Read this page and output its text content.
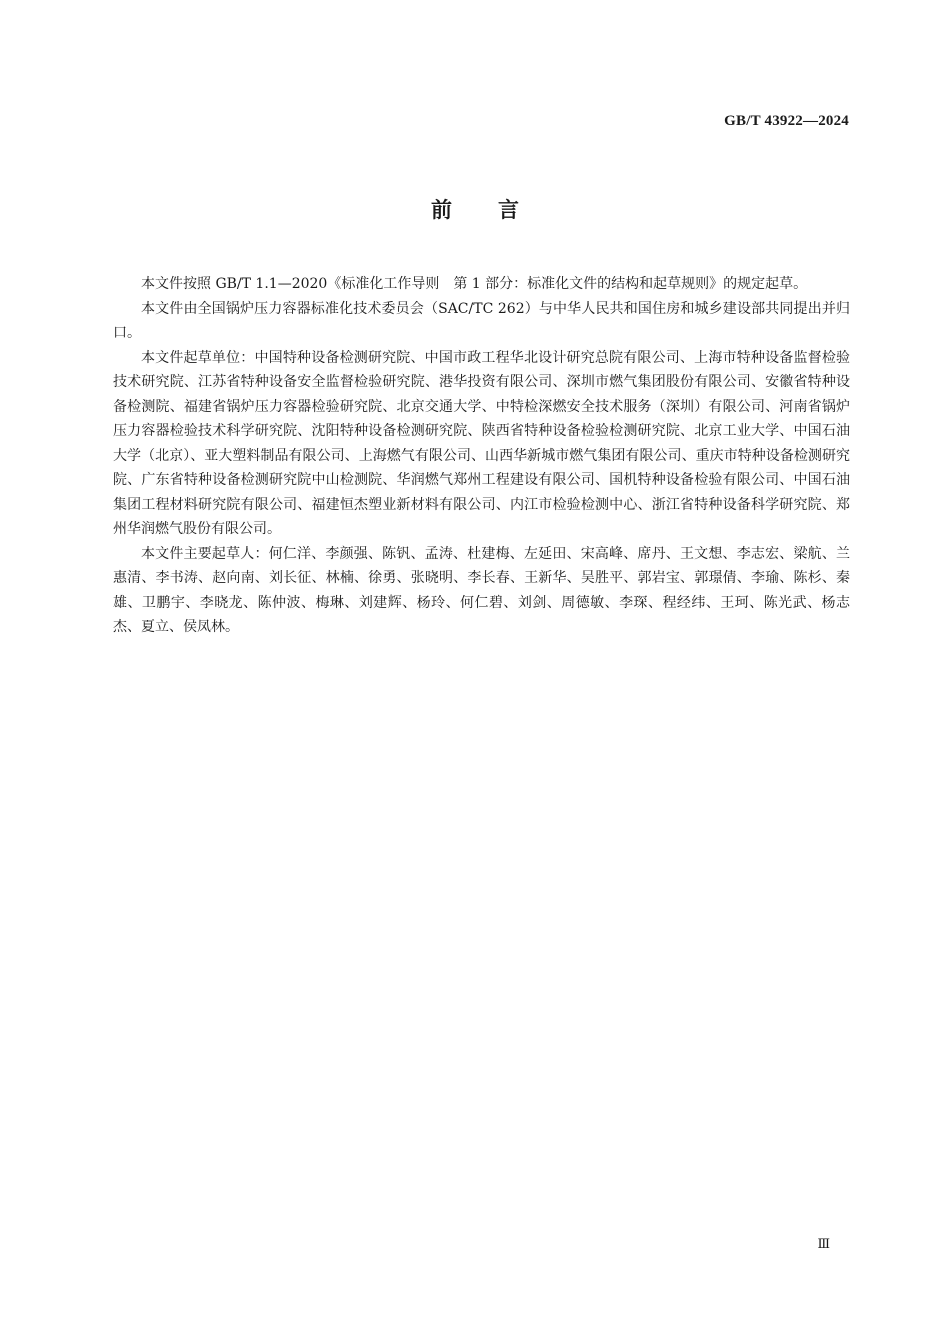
GB/T 43922—2024

前言

本文件按照 GB/T 1.1—2020《标准化工作导则　第 1 部分：标准化文件的结构和起草规则》的规定起草。

本文件由全国锅炉压力容器标准化技术委员会（SAC/TC 262）与中华人民共和国住房和城乡建设部共同提出并归口。

本文件起草单位：中国特种设备检测研究院、中国市政工程华北设计研究总院有限公司、上海市特种设备监督检验技术研究院、江苏省特种设备安全监督检验研究院、港华投资有限公司、深圳市燃气集团股份有限公司、安徽省特种设备检测院、福建省锅炉压力容器检验研究院、北京交通大学、中特检深燃安全技术服务（深圳）有限公司、河南省锅炉压力容器检验技术科学研究院、沈阳特种设备检测研究院、陕西省特种设备检验检测研究院、北京工业大学、中国石油大学（北京）、亚大塑料制品有限公司、上海燃气有限公司、山西华新城市燃气集团有限公司、重庆市特种设备检测研究院、广东省特种设备检测研究院中山检测院、华润燃气郑州工程建设有限公司、国机特种设备检验有限公司、中国石油集团工程材料研究院有限公司、福建恒杰塑业新材料有限公司、内江市检验检测中心、浙江省特种设备科学研究院、郑州华润燃气股份有限公司。

本文件主要起草人：何仁洋、李颜强、陈钒、孟涛、杜建梅、左延田、宋高峰、席丹、王文想、李志宏、梁航、兰惠清、李书涛、赵向南、刘长征、林楠、徐勇、张晓明、李长春、王新华、吴胜平、郭岩宝、郭璟倩、李瑜、陈杉、秦雄、卫鹏宇、李晓龙、陈仲波、梅琳、刘建辉、杨玲、何仁碧、刘剑、周德敏、李琛、程经纬、王珂、陈光武、杨志杰、夏立、侯凤林。

Ⅲ
